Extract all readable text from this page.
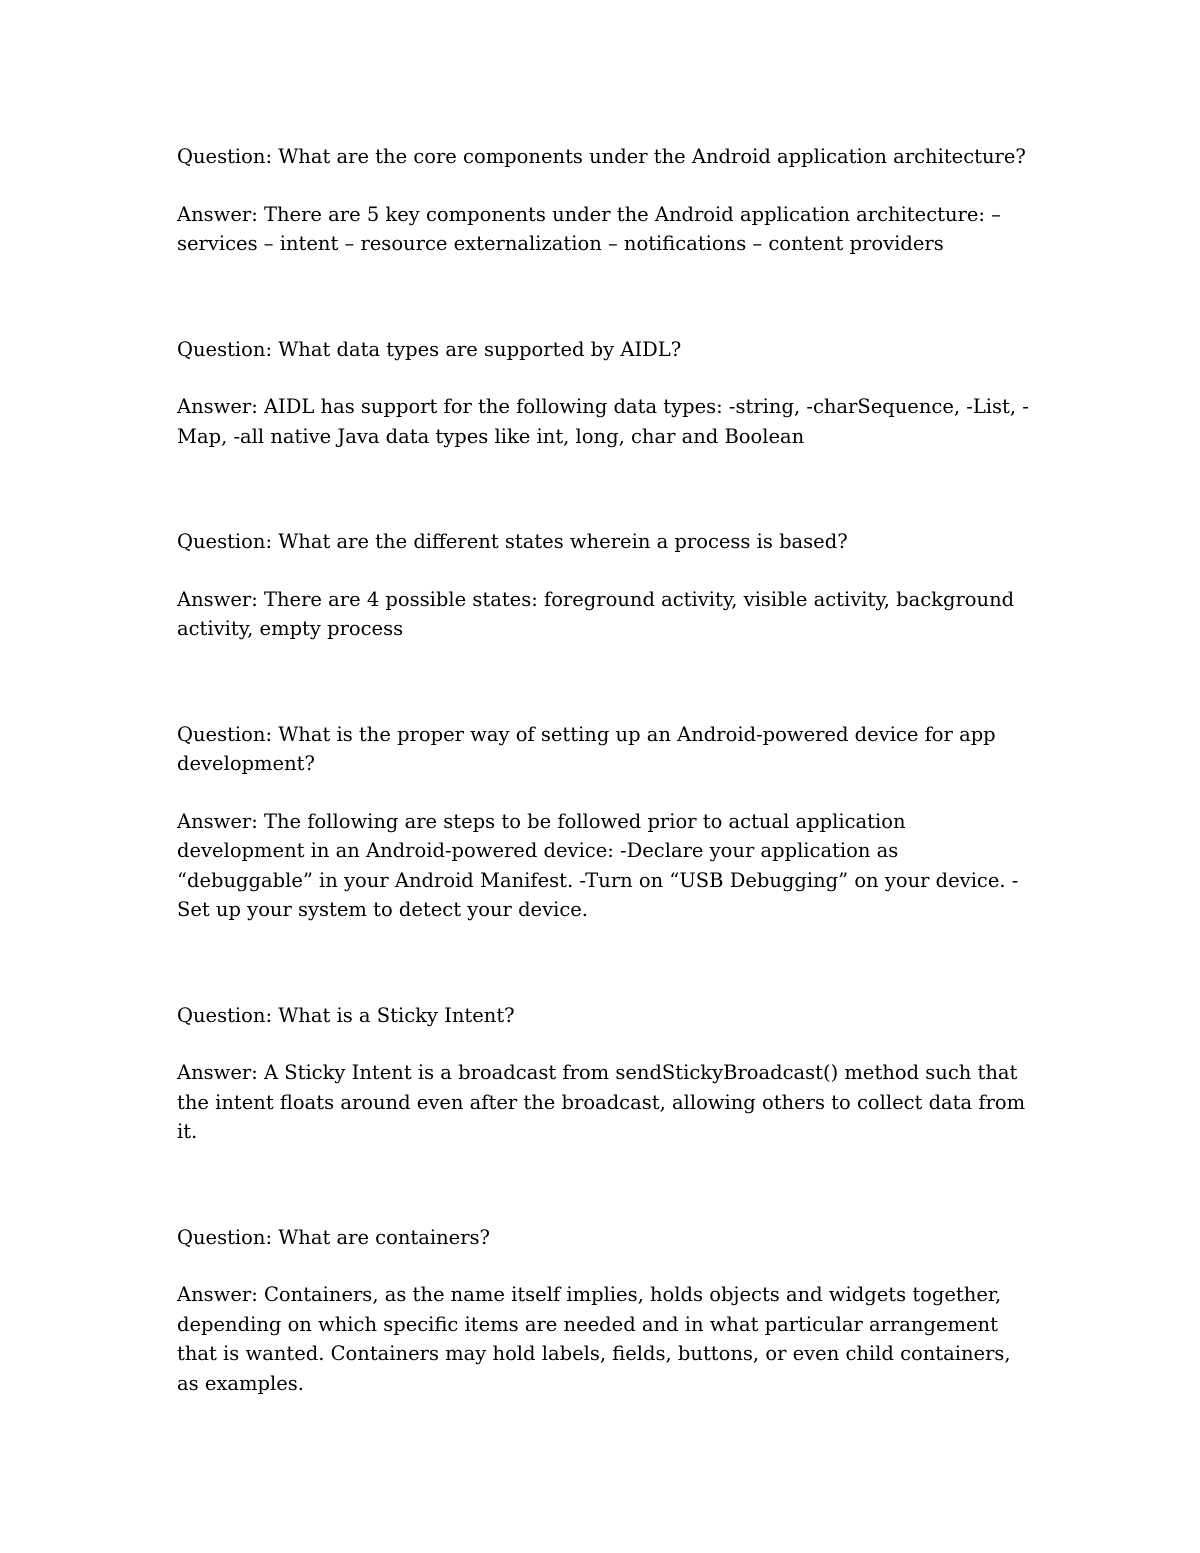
Question: What are the core components under the Android application architecture?

Answer: There are 5 key components under the Android application architecture: – services – intent – resource externalization – notifications – content providers

Question: What data types are supported by AIDL?

Answer: AIDL has support for the following data types: -string, -charSequence, -List, -Map, -all native Java data types like int, long, char and Boolean

Question: What are the different states wherein a process is based?

Answer: There are 4 possible states: foreground activity, visible activity, background activity, empty process

Question: What is the proper way of setting up an Android-powered device for app development?

Answer: The following are steps to be followed prior to actual application development in an Android-powered device: -Declare your application as “debuggable” in your Android Manifest. -Turn on “USB Debugging” on your device. -Set up your system to detect your device.

Question: What is a Sticky Intent?

Answer: A Sticky Intent is a broadcast from sendStickyBroadcast() method such that the intent floats around even after the broadcast, allowing others to collect data from it.

Question: What are containers?

Answer: Containers, as the name itself implies, holds objects and widgets together, depending on which specific items are needed and in what particular arrangement that is wanted. Containers may hold labels, fields, buttons, or even child containers, as examples.
